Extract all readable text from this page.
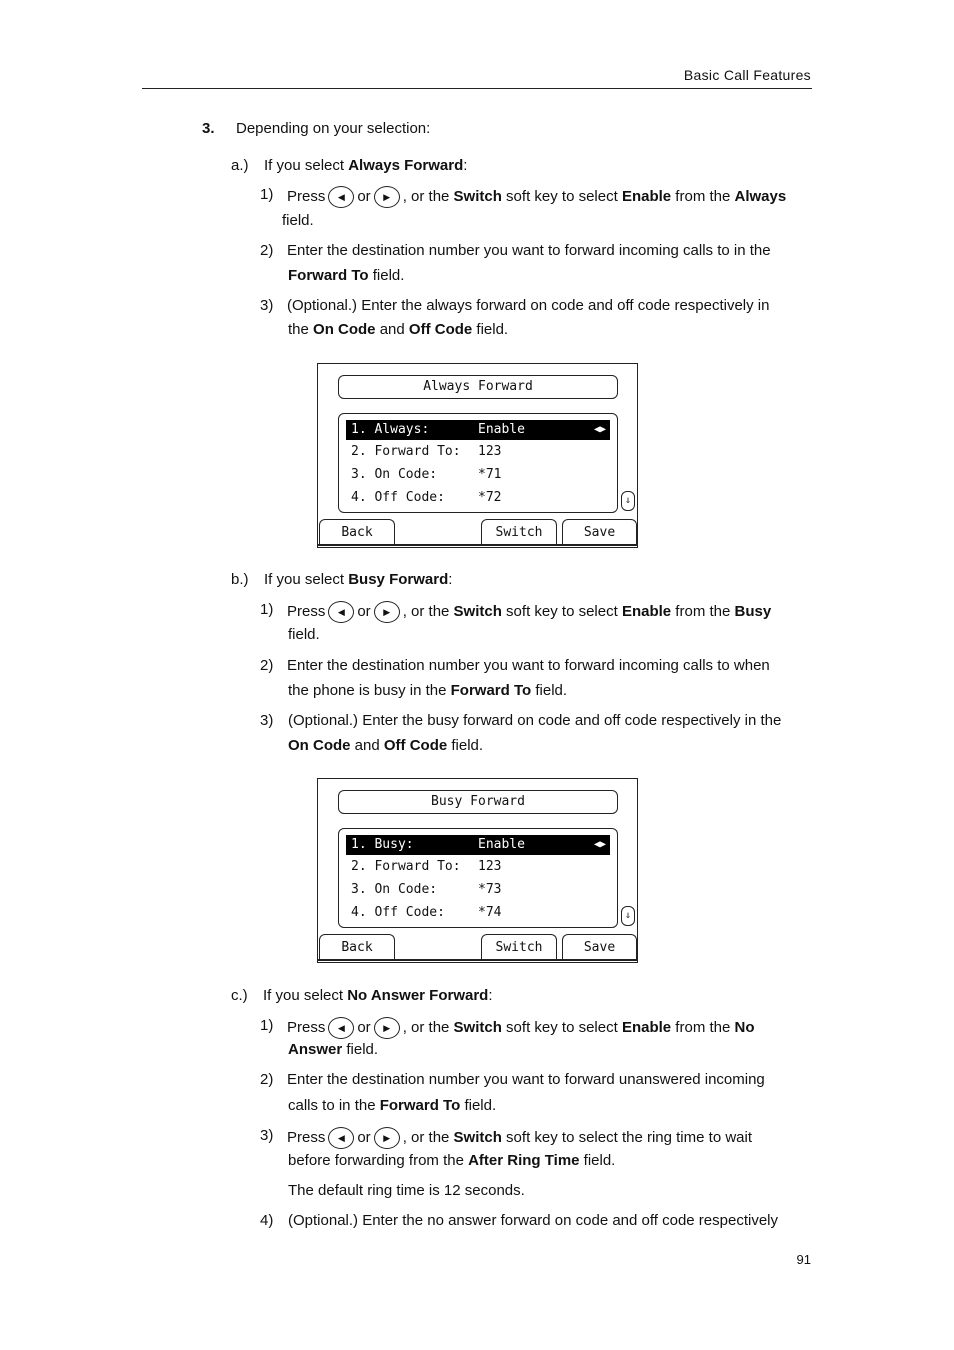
Basic Call Features
3. Depending on your selection:
a.) If you select Always Forward:
1) Press ◀ or ▶ , or the Switch soft key to select Enable from the Always
field.
2) Enter the destination number you want to forward incoming calls to in the
Forward To field.
3) (Optional.) Enter the always forward on code and off code respectively in
the On Code and Off Code field.
Always Forward
1. Always:	Enable	◀▶
2. Forward To: 123
3. On Code:	*71
4. Off Code:	*72	⇓
Back	Switch	Save
b.) If you select Busy Forward:
1) Press ◀ or ▶ , or the Switch soft key to select Enable from the Busy
field.
2) Enter the destination number you want to forward incoming calls to when
the phone is busy in the Forward To field.
3) (Optional.) Enter the busy forward on code and off code respectively in the
On Code and Off Code field.
Busy Forward
1. Busy:	Enable	◀▶
2. Forward To: 123
3. On Code:	*73
4. Off Code:	*74	⇓
Back	Switch	Save
c.) If you select No Answer Forward:
1) Press ◀ or ▶ , or the Switch soft key to select Enable from the No
Answer field.
2) Enter the destination number you want to forward unanswered incoming
calls to in the Forward To field.
3) Press ◀ or ▶ , or the Switch soft key to select the ring time to wait
before forwarding from the After Ring Time field.
The default ring time is 12 seconds.
4) (Optional.) Enter the no answer forward on code and off code respectively
91
